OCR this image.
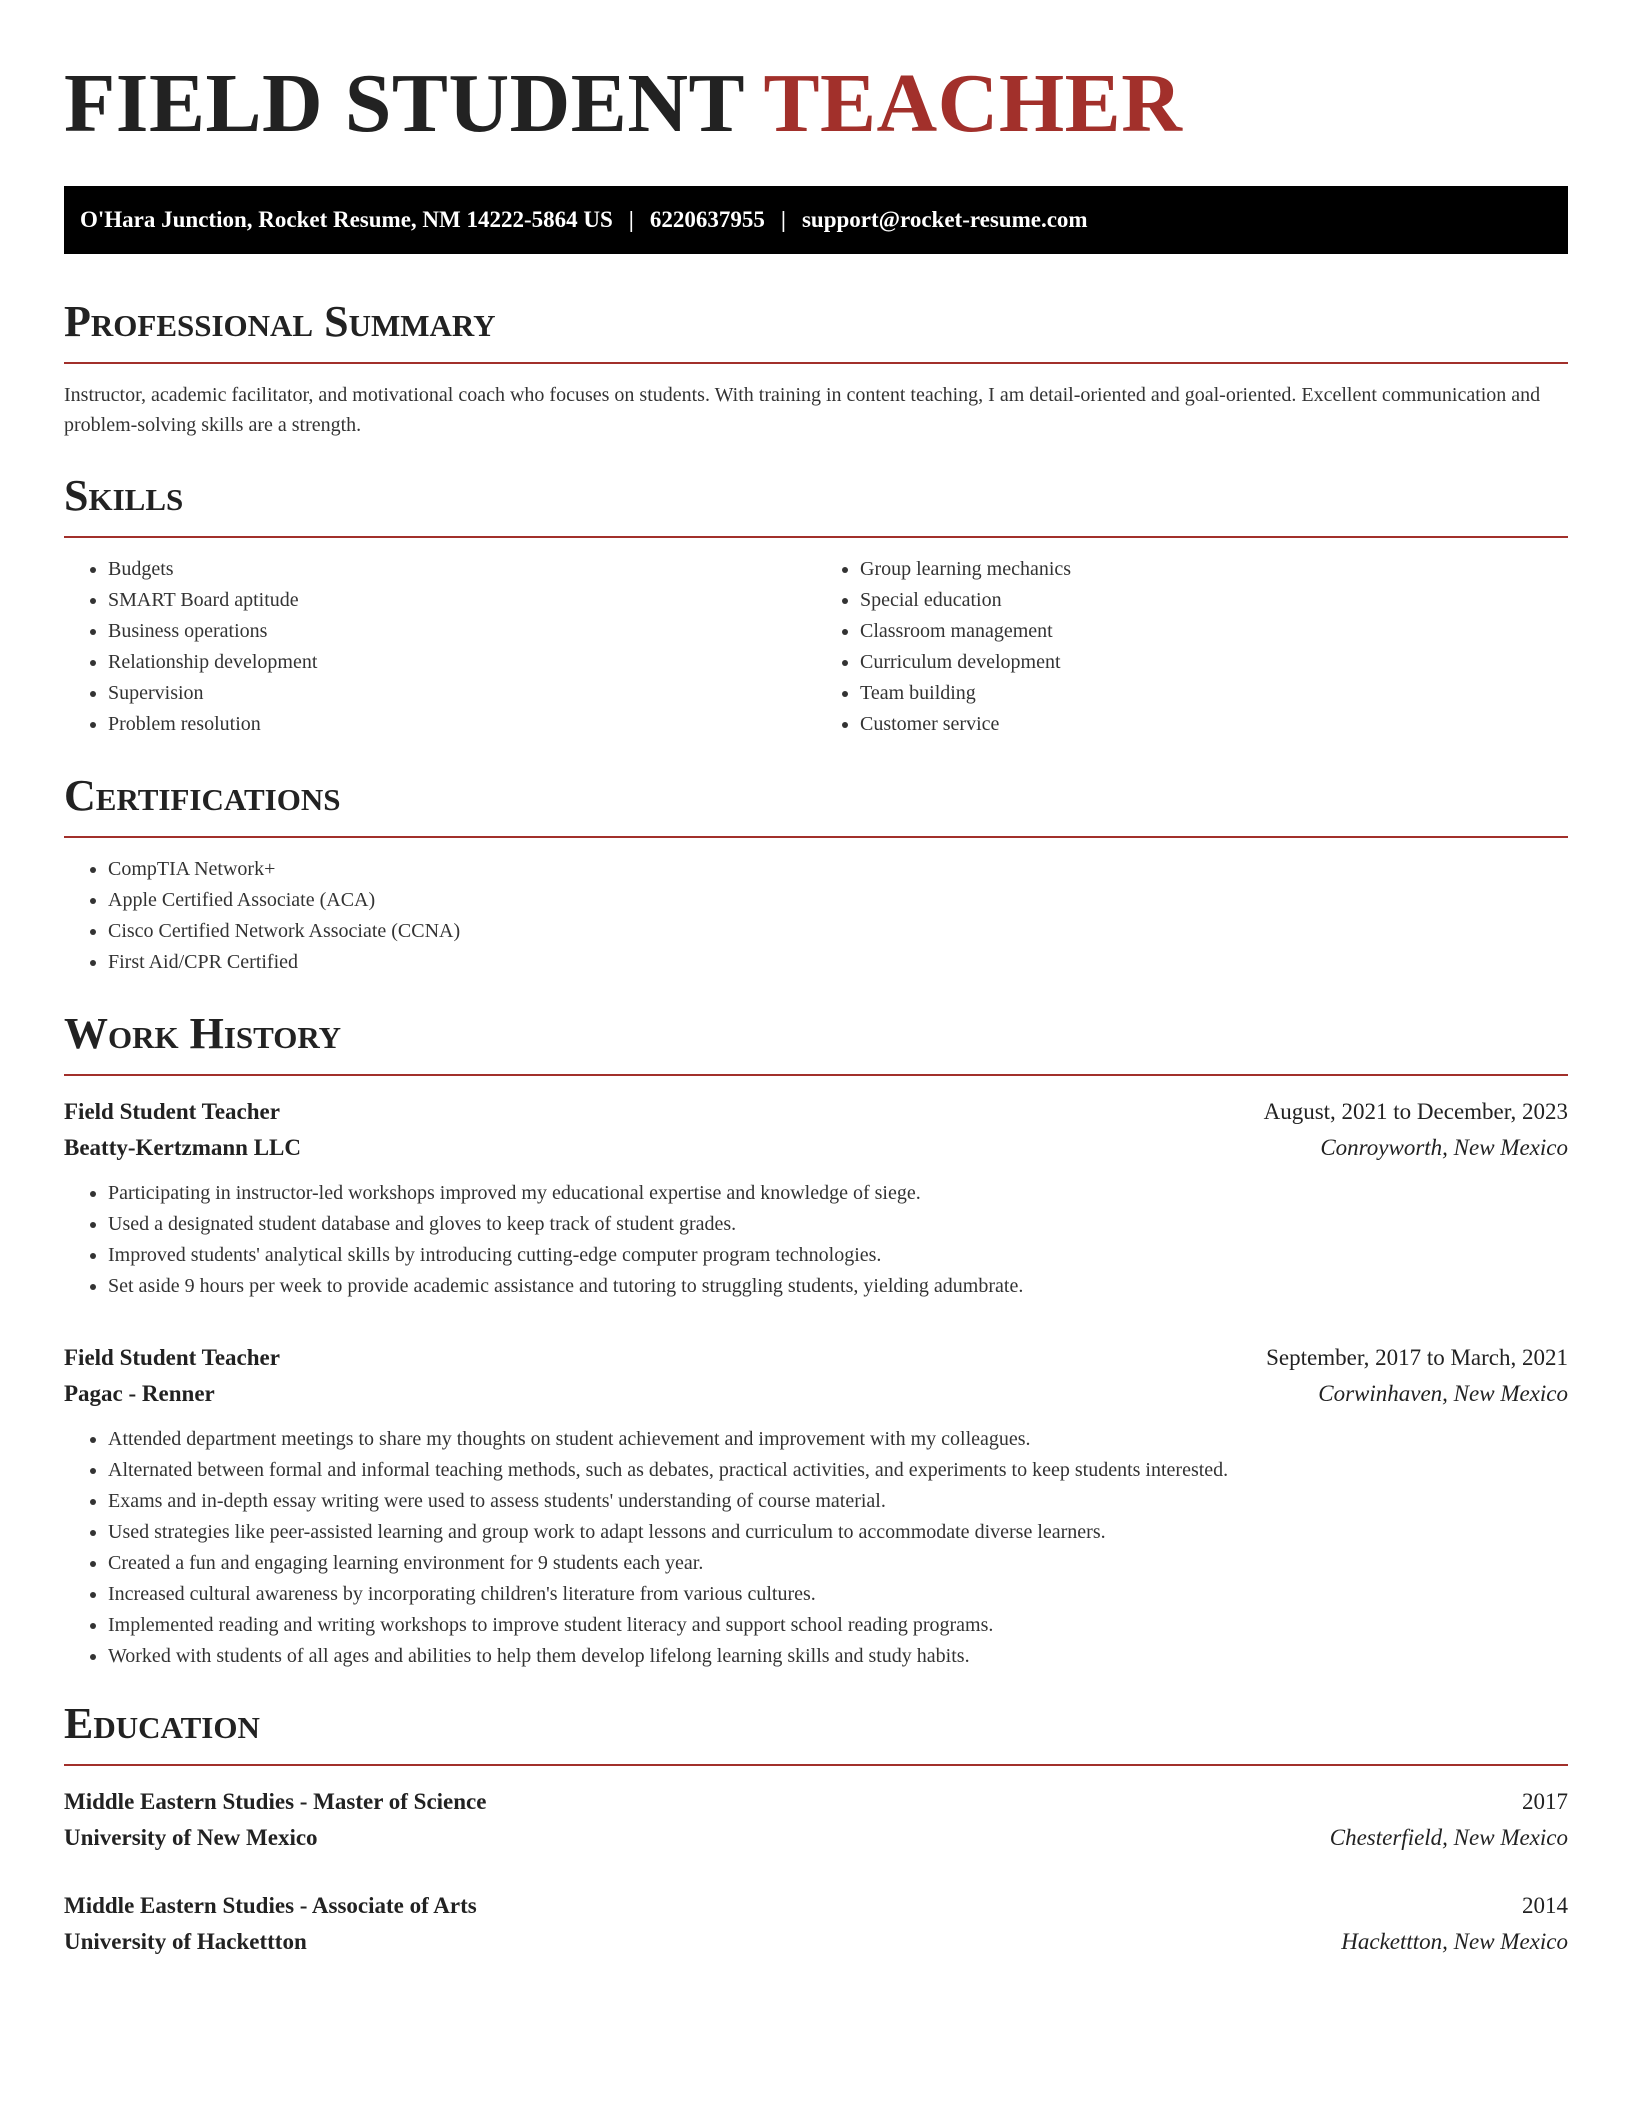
FIELD STUDENT TEACHER
O'Hara Junction, Rocket Resume, NM 14222-5864 US | 6220637955 | support@rocket-resume.com
Professional Summary

Instructor, academic facilitator, and motivational coach who focuses on students. With training in content teaching, I am detail-oriented and goal-oriented. Excellent communication and problem-solving skills are a strength.

Skills
• Budgets
• SMART Board aptitude
• Business operations
• Relationship development
• Supervision
• Problem resolution
• Group learning mechanics
• Special education
• Classroom management
• Curriculum development
• Team building
• Customer service
Certifications
• CompTIA Network+
• Apple Certified Associate (ACA)
• Cisco Certified Network Associate (CCNA)
• First Aid/CPR Certified
Work History
Field Student Teacher	August, 2021 to December, 2023
Beatty-Kertzmann LLC	Conroyworth, New Mexico
• Participating in instructor-led workshops improved my educational expertise and knowledge of siege.
• Used a designated student database and gloves to keep track of student grades.
• Improved students' analytical skills by introducing cutting-edge computer program technologies.
• Set aside 9 hours per week to provide academic assistance and tutoring to struggling students, yielding adumbrate.
Field Student Teacher	September, 2017 to March, 2021
Pagac - Renner	Corwinhaven, New Mexico
• Attended department meetings to share my thoughts on student achievement and improvement with my colleagues.
• Alternated between formal and informal teaching methods, such as debates, practical activities, and experiments to keep students interested.
• Exams and in-depth essay writing were used to assess students' understanding of course material.
• Used strategies like peer-assisted learning and group work to adapt lessons and curriculum to accommodate diverse learners.
• Created a fun and engaging learning environment for 9 students each year.
• Increased cultural awareness by incorporating children's literature from various cultures.
• Implemented reading and writing workshops to improve student literacy and support school reading programs.
• Worked with students of all ages and abilities to help them develop lifelong learning skills and study habits.
Education
Middle Eastern Studies - Master of Science	2017
University of New Mexico	Chesterfield, New Mexico
Middle Eastern Studies - Associate of Arts	2014
University of Hackettton	Hackettton, New Mexico
